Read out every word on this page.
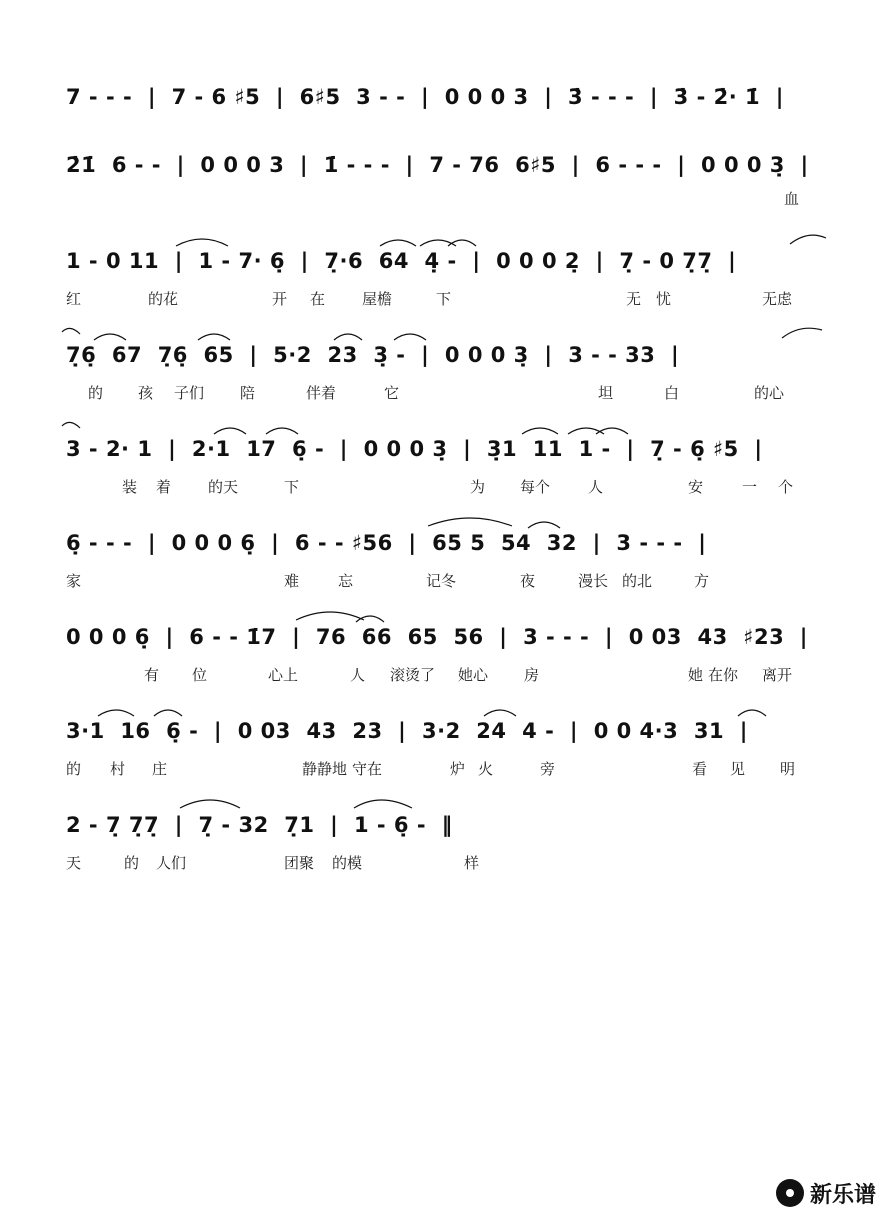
7 - - -  |  7 - 6 ♯5  |  6♯5  3 - -  |  0 0 0 3  |  3̇ - - -  |  3̇ - 2̇· 1̇  |
2̇1̇  6 - -  |  0 0 0 3  |  1̇ - - -  |  7 - 76  6♯5  |  6 - - -  |  0 0 0 3̣  |

血

1 - 0 11  |  1 - 7· 6̣  |  7̣·6  64  4̣ -  |  0 0 0 2̣  |  7̣ - 0 7̣7̣  |

红

	的花

	开

在

屋檐

	下

	无

忧

	无虑

7̣6̣  67  7̣6̣  65  |  5·2  23  3̣ -  |  0 0 0 3̣  |  3 - - 33  |

的

孩

子们

陪

	伴着

	它

	坦

	白

	的心

3 - 2· 1  |  2·1  17  6̣ -  |  0 0 0 3̣  |  3̣1  11  1 -  |  7̣ - 6̣ ♯5  |

装

着

的天

	下

	为

每个

	人

	安

	一

个

6̣ - - -  |  0 0 0 6̣  |  6 - - ♯56  |  65 5  54  32  |  3 - - -  |

家

	难

	忘

	记冬

	夜

	漫长

的北

	方

0 0 0 6̣  |  6 - - 1̇7  |  76  66  65  56  |  3 - - -  |  0 03  43  ♯23  |

有

位

	心上

	人

滚烫了

她心

房

	她

在你

离开

3·1  16  6̣ -  |  0 03  43  23  |  3·2  24  4 -  |  0 0 4·3  31  |

的

村

庄

	静静地

守在

	炉

火

	旁

	看

见

明

2 - 7̣ 7̣7̣  |  7̣ - 32  7̣1  |  1 - 6̣ -  ‖

天

	的

人们

	团聚

的模

	样

新乐谱
